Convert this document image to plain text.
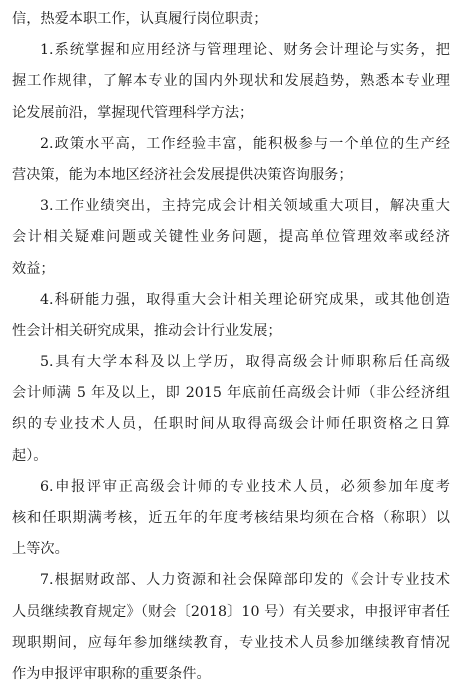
信，热爱本职工作，认真履行岗位职责；
1.系统掌握和应用经济与管理理论、财务会计理论与实务，把
握工作规律，了解本专业的国内外现状和发展趋势，熟悉本专业理
论发展前沿，掌握现代管理科学方法；
2.政策水平高，工作经验丰富，能积极参与一个单位的生产经
营决策，能为本地区经济社会发展提供决策咨询服务；
3.工作业绩突出，主持完成会计相关领域重大项目，解决重大
会计相关疑难问题或关键性业务问题，提高单位管理效率或经济
效益；
4.科研能力强，取得重大会计相关理论研究成果，或其他创造
性会计相关研究成果，推动会计行业发展；
5.具有大学本科及以上学历，取得高级会计师职称后任高级
会计师满 5 年及以上，即 2015 年底前任高级会计师（非公经济组
织的专业技术人员，任职时间从取得高级会计师任职资格之日算
起）。
6.申报评审正高级会计师的专业技术人员，必须参加年度考
核和任职期满考核，近五年的年度考核结果均须在合格（称职）以
上等次。
7.根据财政部、人力资源和社会保障部印发的《会计专业技术
人员继续教育规定》（财会〔2018〕10 号）有关要求，申报评审者任
现职期间，应每年参加继续教育，专业技术人员参加继续教育情况
作为申报评审职称的重要条件。
